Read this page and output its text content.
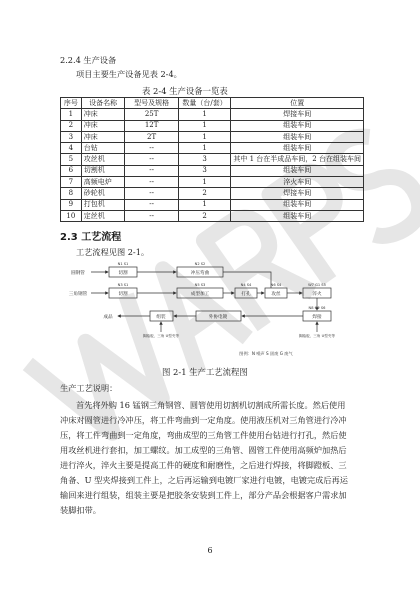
2.2.4 生产设备
项目主要生产设备见表 2-4。
表 2-4 生产设备一览表
序号	设备名称	型号及规格	数量（台/套）	位置
1	冲床	25T	1	焊接车间
2	冲床	12T	1	组装车间
3	冲床	2T	1	组装车间
4	台钻	--	1	组装车间
5	攻丝机	--	3	其中 1 台在半成品车间，2 台在组装车间
6	切割机	--	3	组装车间
7	高频电炉	--	1	淬火车间
8	砂轮机	--	2	焊接车间
9	打包机	--	1	组装车间
10	定丝机	--	2	组装车间
2.3 工艺流程
工艺流程见图 2-1。
圆钢管
三角钢管
切割	冲压弯曲
切割	成型加工	打孔	攻丝	淬火
焊接
组装	外协电镀
成品
N1 S1	N2 S2
N3 S1	N4 S4
N5 S3	N6 S4	W7 G1 S5
N8 G2 S6
脚踏板、三角 U型夹等	脚踏板、三角 U型夹等
图例：N 噪声 S 固废 G 废气
图 2-1 生产工艺流程图
生产工艺说明：
首先将外购 16 锰钢三角钢管、圆管使用切割机切割成所需长度。然后使用
冲床对圆管进行冷冲压，将工件弯曲到一定角度。使用液压机对三角管进行冷冲
压，将工件弯曲到一定角度，弯曲成型的三角管工件使用台钻进行打孔，然后使
用攻丝机进行套扣，加工螺纹。加工成型的三角管、圆管工件使用高频炉加热后
进行淬火，淬火主要是提高工件的硬度和耐磨性，之后进行焊接，将脚蹬板、三
角备、U 型夹焊接到工件上，之后再运输到电镀厂家进行电镀，电镀完成后再运
输回来进行组装，组装主要是把胶条安装到工件上，部分产品会根据客户需求加
装脚扣带。
6
